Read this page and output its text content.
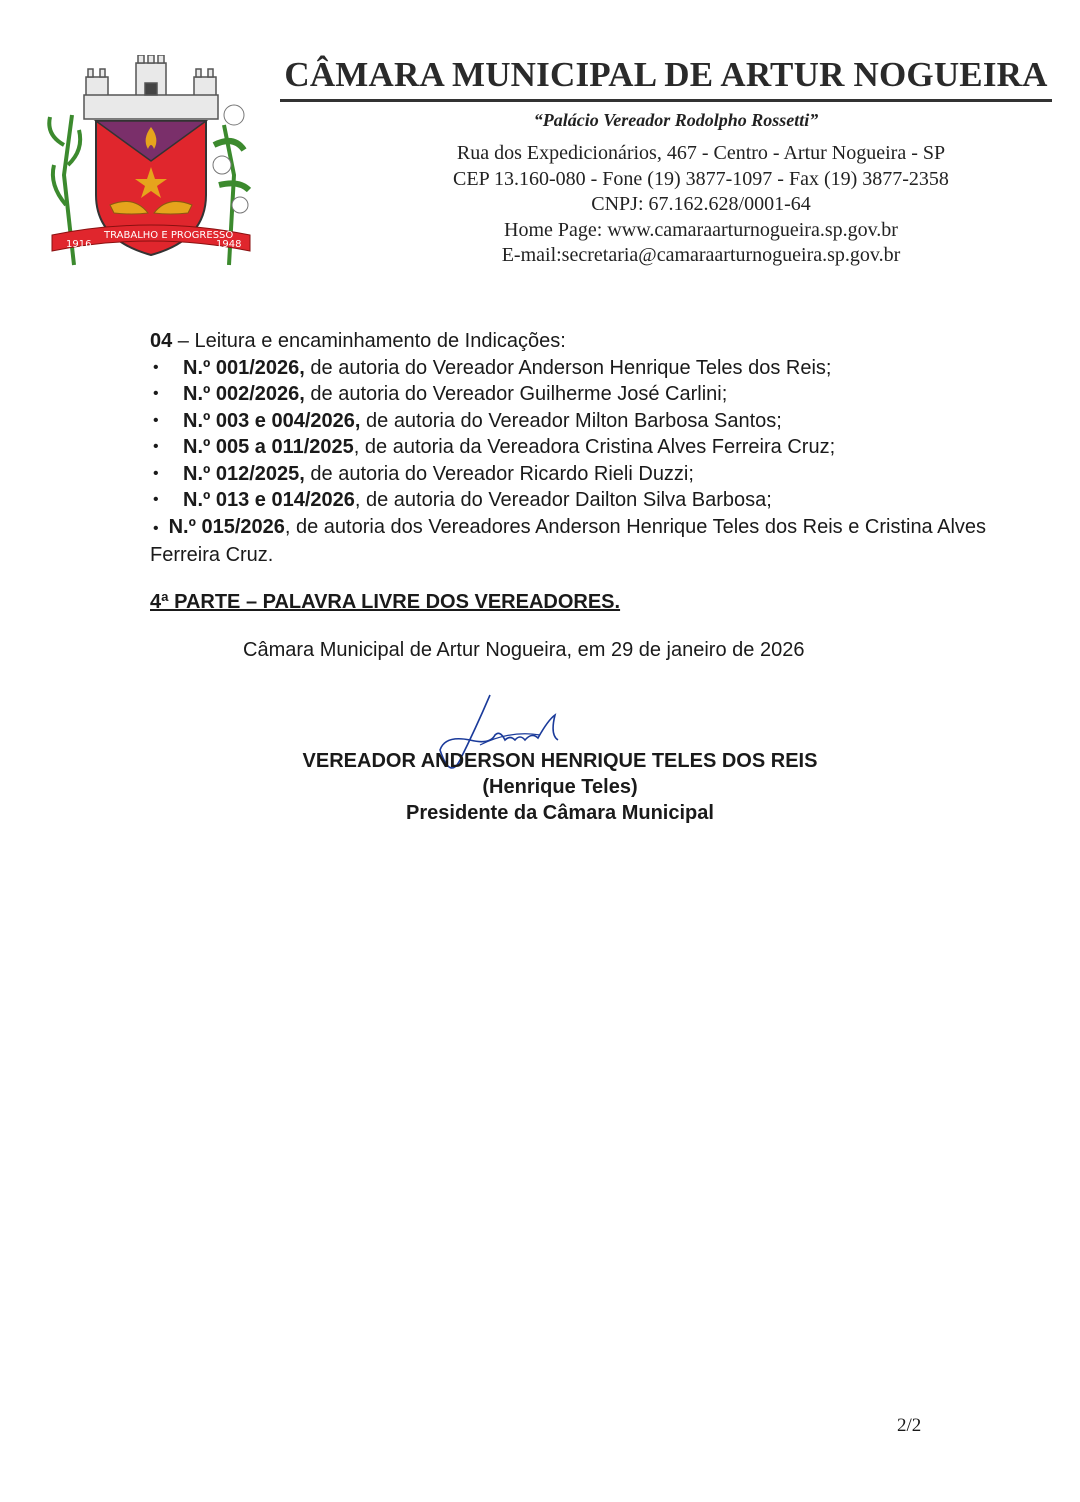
1916
TRABALHO E PROGRESSO
1948
CÂMARA MUNICIPAL DE ARTUR NOGUEIRA
“Palácio Vereador Rodolpho Rossetti”
Rua dos Expedicionários, 467 - Centro - Artur Nogueira - SP
CEP 13.160-080 - Fone (19) 3877-1097 - Fax (19) 3877-2358
CNPJ: 67.162.628/0001-64
Home Page: www.camaraarturnogueira.sp.gov.br
E-mail:secretaria@camaraarturnogueira.sp.gov.br

04 – Leitura e encaminhamento de Indicações:

• N.º 001/2026, de autoria do Vereador Anderson Henrique Teles dos Reis;
• N.º 002/2026, de autoria do Vereador Guilherme José Carlini;
• N.º 003 e 004/2026, de autoria do Vereador Milton Barbosa Santos;
• N.º 005 a 011/2025, de autoria da Vereadora Cristina Alves Ferreira Cruz;
• N.º 012/2025, de autoria do Vereador Ricardo Rieli Duzzi;
• N.º 013 e 014/2026, de autoria do Vereador Dailton Silva Barbosa;
• N.º 015/2026, de autoria dos Vereadores Anderson Henrique Teles dos Reis e Cristina Alves Ferreira Cruz.
4ª PARTE – PALAVRA LIVRE DOS VEREADORES.
Câmara Municipal de Artur Nogueira, em 29 de janeiro de 2026
VEREADOR ANDERSON HENRIQUE TELES DOS REIS
(Henrique Teles)
Presidente da Câmara Municipal
2/2
